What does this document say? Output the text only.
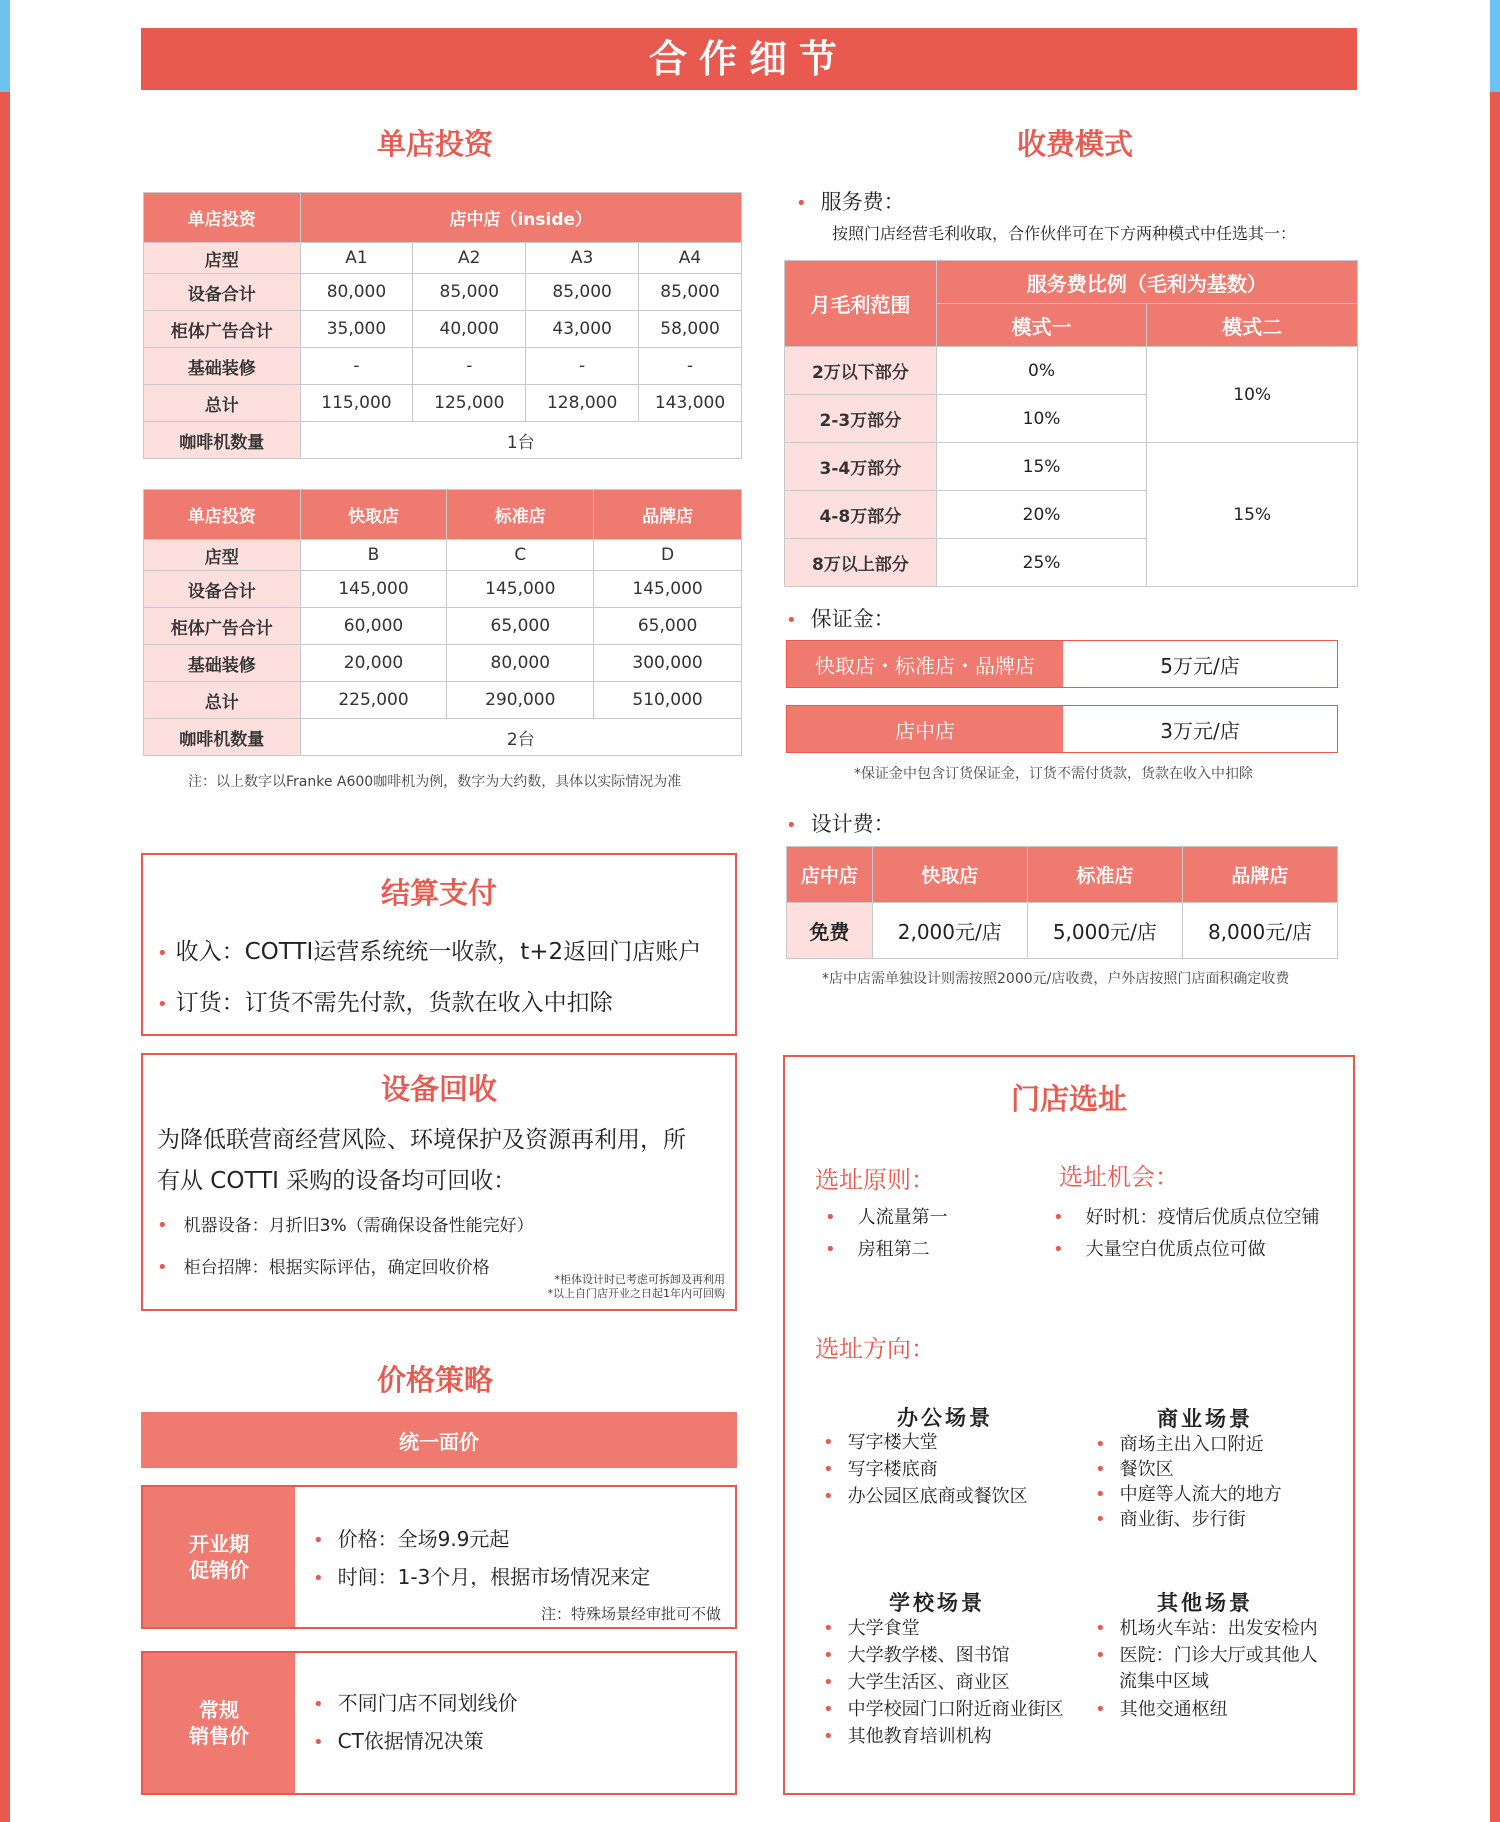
合作细节
单店投资
单店投资	店中店（inside）			
店型	A1	A2	A3	A4
设备合计	80,000	85,000	85,000	85,000
柜体广告合计	35,000	40,000	43,000	58,000
基础装修	-	-	-	-
总计	115,000	125,000	128,000	143,000
咖啡机数量	1台			
单店投资	快取店	标准店	品牌店
店型	B	C	D
设备合计	145,000	145,000	145,000
柜体广告合计	60,000	65,000	65,000
基础装修	20,000	80,000	300,000
总计	225,000	290,000	510,000
咖啡机数量	2台		
注：以上数字以Franke A600咖啡机为例，数字为大约数，具体以实际情况为准
收费模式
• 服务费：
按照门店经营毛利收取，合作伙伴可在下方两种模式中任选其一：
月毛利范围	服务费比例（毛利为基数）	
	模式一	模式二
2万以下部分	0%	10%
2-3万部分	10%	
3-4万部分	15%	15%
4-8万部分	20%	
8万以上部分	25%	
• 保证金：
快取店・标准店・品牌店	5万元/店
店中店	3万元/店
*保证金中包含订货保证金，订货不需付货款，货款在收入中扣除
• 设计费：
店中店	快取店	标准店	品牌店
免费	2,000元/店	5,000元/店	8,000元/店
*店中店需单独设计则需按照2000元/店收费，户外店按照门店面积确定收费
结算支付
• 收入：COTTI运营系统统一收款，t+2返回门店账户
• 订货：订货不需先付款，货款在收入中扣除
设备回收
为降低联营商经营风险、环境保护及资源再利用，所
有从 COTTI 采购的设备均可回收：
• 机器设备：月折旧3%（需确保设备性能完好）
• 柜台招牌：根据实际评估，确定回收价格
*柜体设计时已考虑可拆卸及再利用
*以上自门店开业之日起1年内可回购
价格策略
统一面价
开业期
促销价
• 价格：全场9.9元起
• 时间：1-3个月，根据市场情况来定
注：特殊场景经审批可不做
常规
销售价
• 不同门店不同划线价
• CT依据情况决策
门店选址
选址原则：
• 人流量第一
• 房租第二
选址机会：
• 好时机：疫情后优质点位空铺
• 大量空白优质点位可做
选址方向：
办公场景
• 写字楼大堂
• 写字楼底商
• 办公园区底商或餐饮区
商业场景
• 商场主出入口附近
• 餐饮区
• 中庭等人流大的地方
• 商业街、步行街
学校场景
• 大学食堂
• 大学教学楼、图书馆
• 大学生活区、商业区
• 中学校园门口附近商业街区
• 其他教育培训机构
其他场景
• 机场火车站：出发安检内
• 医院：门诊大厅或其他人
流集中区域
• 其他交通枢纽
